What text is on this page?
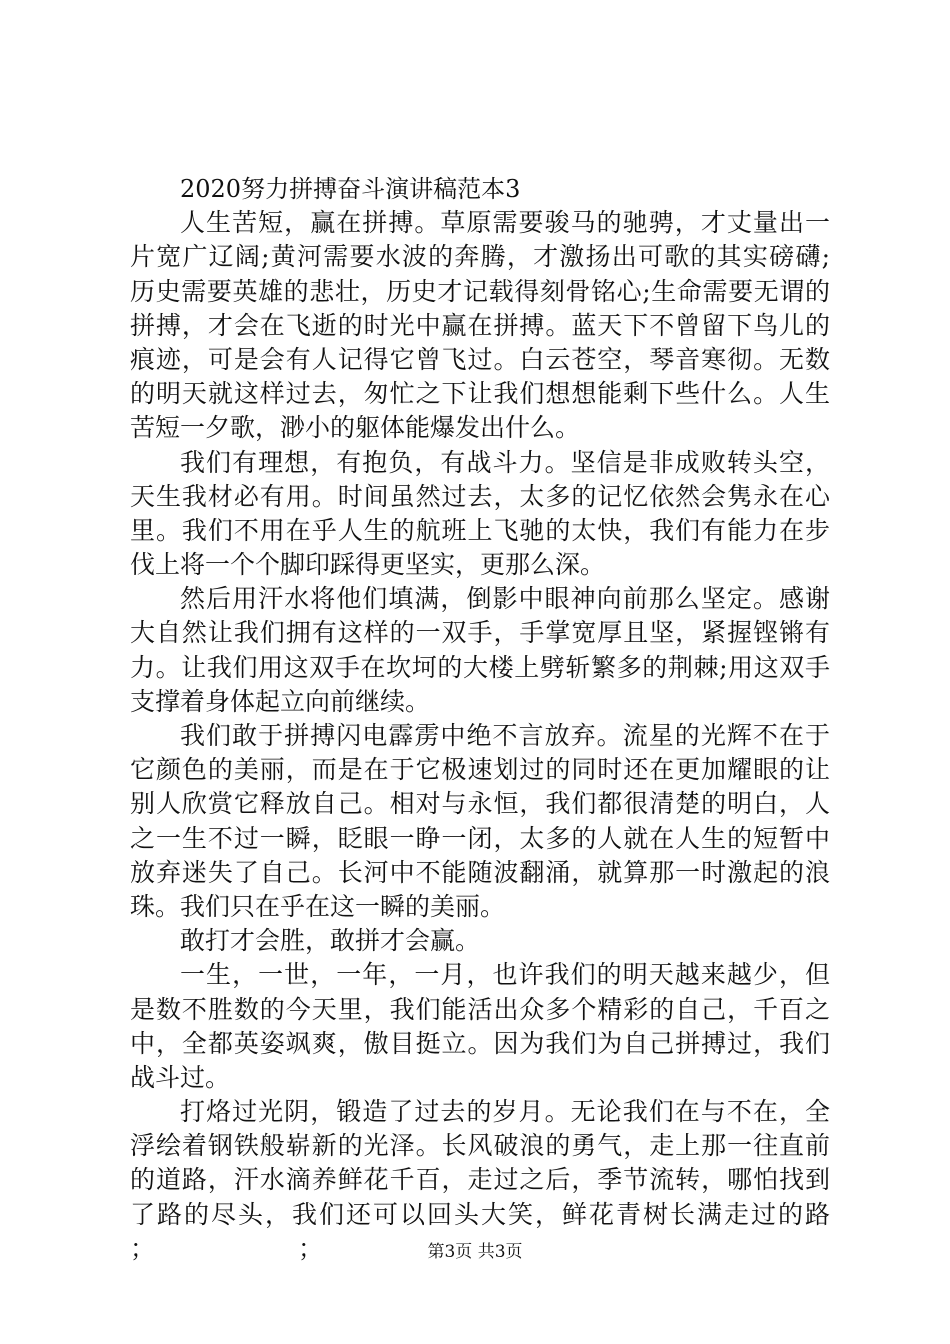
2020努力拼搏奋斗演讲稿范本3
人生苦短，赢在拼搏。草原需要骏马的驰骋，才丈量出一
片宽广辽阔;黄河需要水波的奔腾，才激扬出可歌的其实磅礴;
历史需要英雄的悲壮，历史才记载得刻骨铭心;生命需要无谓的
拼搏，才会在飞逝的时光中赢在拼搏。蓝天下不曾留下鸟儿的
痕迹，可是会有人记得它曾飞过。白云苍空，琴音寒彻。无数
的明天就这样过去，匆忙之下让我们想想能剩下些什么。人生
苦短一夕歌，渺小的躯体能爆发出什么。
我们有理想，有抱负，有战斗力。坚信是非成败转头空，
天生我材必有用。时间虽然过去，太多的记忆依然会隽永在心
里。我们不用在乎人生的航班上飞驰的太快，我们有能力在步
伐上将一个个脚印踩得更坚实，更那么深。
然后用汗水将他们填满，倒影中眼神向前那么坚定。感谢
大自然让我们拥有这样的一双手，手掌宽厚且坚，紧握铿锵有
力。让我们用这双手在坎坷的大楼上劈斩繁多的荆棘;用这双手
支撑着身体起立向前继续。
我们敢于拼搏闪电霹雳中绝不言放弃。流星的光辉不在于
它颜色的美丽，而是在于它极速划过的同时还在更加耀眼的让
别人欣赏它释放自己。相对与永恒，我们都很清楚的明白，人
之一生不过一瞬，眨眼一睁一闭，太多的人就在人生的短暂中
放弃迷失了自己。长河中不能随波翻涌，就算那一时激起的浪
珠。我们只在乎在这一瞬的美丽。
敢打才会胜，敢拼才会赢。
一生，一世，一年，一月，也许我们的明天越来越少，但
是数不胜数的今天里，我们能活出众多个精彩的自己，千百之
中，全都英姿飒爽，傲目挺立。因为我们为自己拼搏过，我们
战斗过。
打烙过光阴，锻造了过去的岁月。无论我们在与不在，全
浮绘着钢铁般崭新的光泽。长风破浪的勇气，走上那一往直前
的道路，汗水滴养鲜花千百，走过之后，季节流转，哪怕找到
了路的尽头，我们还可以回头大笑，鲜花青树长满走过的路
；                  ；	第3页 共3页
